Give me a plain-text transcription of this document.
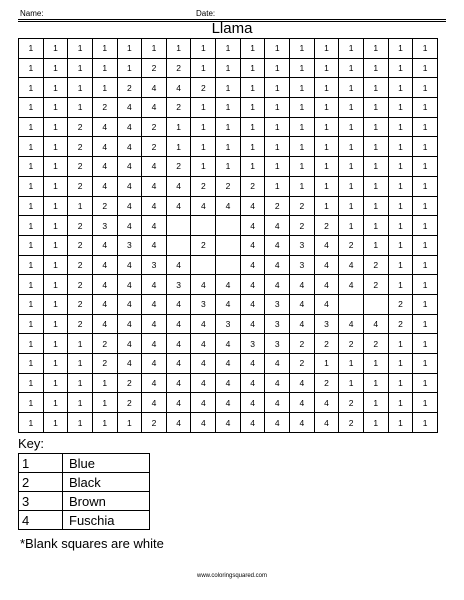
Name:	Date:
Llama
1	1	1	1	1	1	1	1	1	1	1	1	1	1	1	1	1
1	1	1	1	1	2	2	1	1	1	1	1	1	1	1	1	1
1	1	1	1	2	4	4	2	1	1	1	1	1	1	1	1	1
1	1	1	2	4	4	2	1	1	1	1	1	1	1	1	1	1
1	1	2	4	4	2	1	1	1	1	1	1	1	1	1	1	1
1	1	2	4	4	2	1	1	1	1	1	1	1	1	1	1	1
1	1	2	4	4	4	2	1	1	1	1	1	1	1	1	1	1
1	1	2	4	4	4	4	2	2	2	1	1	1	1	1	1	1
1	1	1	2	4	4	4	4	4	4	2	2	1	1	1	1	1
1	1	2	3	4	4				4	4	2	2	1	1	1	1
1	1	2	4	3	4		2		4	4	3	4	2	1	1	1
1	1	2	4	4	3	4			4	4	3	4	4	2	1	1
1	1	2	4	4	4	3	4	4	4	4	4	4	4	2	1	1
1	1	2	4	4	4	4	3	4	4	3	4	4			2	1
1	1	2	4	4	4	4	4	3	4	3	4	3	4	4	2	1
1	1	1	2	4	4	4	4	4	3	3	2	2	2	2	1	1
1	1	1	2	4	4	4	4	4	4	4	2	1	1	1	1	1
1	1	1	1	2	4	4	4	4	4	4	4	2	1	1	1	1
1	1	1	1	2	4	4	4	4	4	4	4	4	2	1	1	1
1	1	1	1	1	2	4	4	4	4	4	4	4	2	1	1	1
Key:
1	Blue
2	Black
3	Brown
4	Fuschia
*Blank squares are white
www.coloringsquared.com
